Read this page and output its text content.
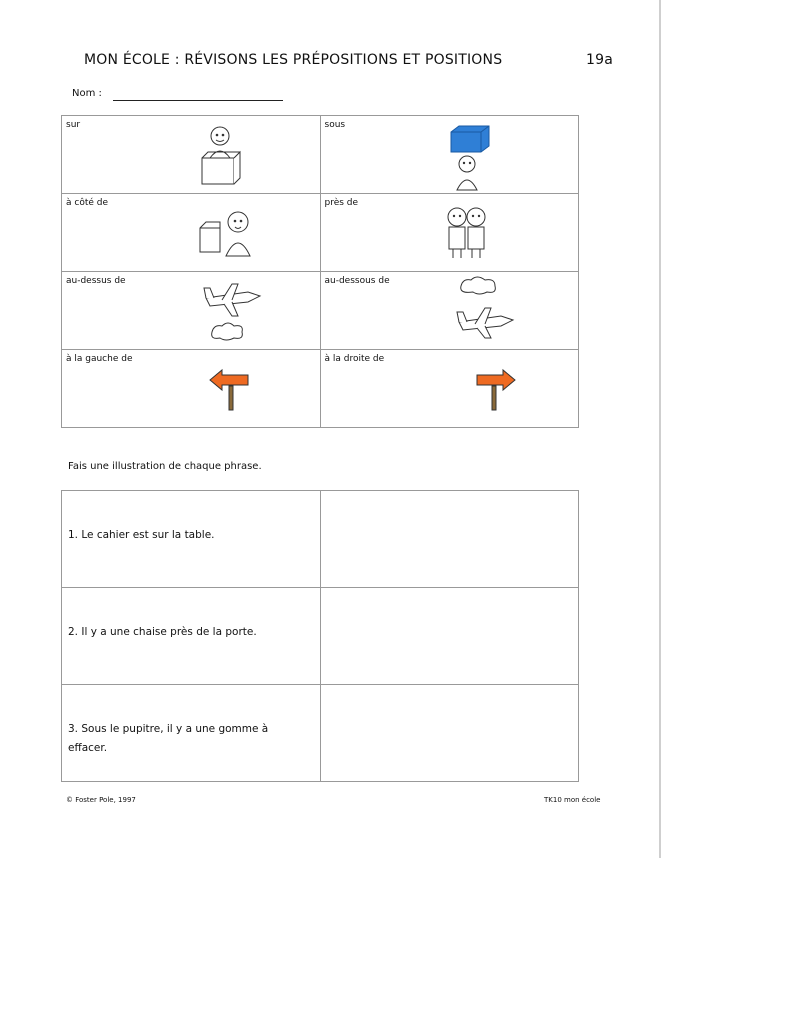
MON ÉCOLE : RÉVISONS LES PRÉPOSITIONS ET POSITIONS	19a
Nom :
sur	sous

à côté de	près de

au-dessus de	au-dessous de

à la gauche de	à la droite de
Fais une illustration de chaque phrase.
1. Le cahier est sur la table.	

2. Il y a une chaise près de la porte.	

3. Sous le pupitre, il y a une gomme à effacer.	

© Foster Pole, 1997	TK10 mon école
